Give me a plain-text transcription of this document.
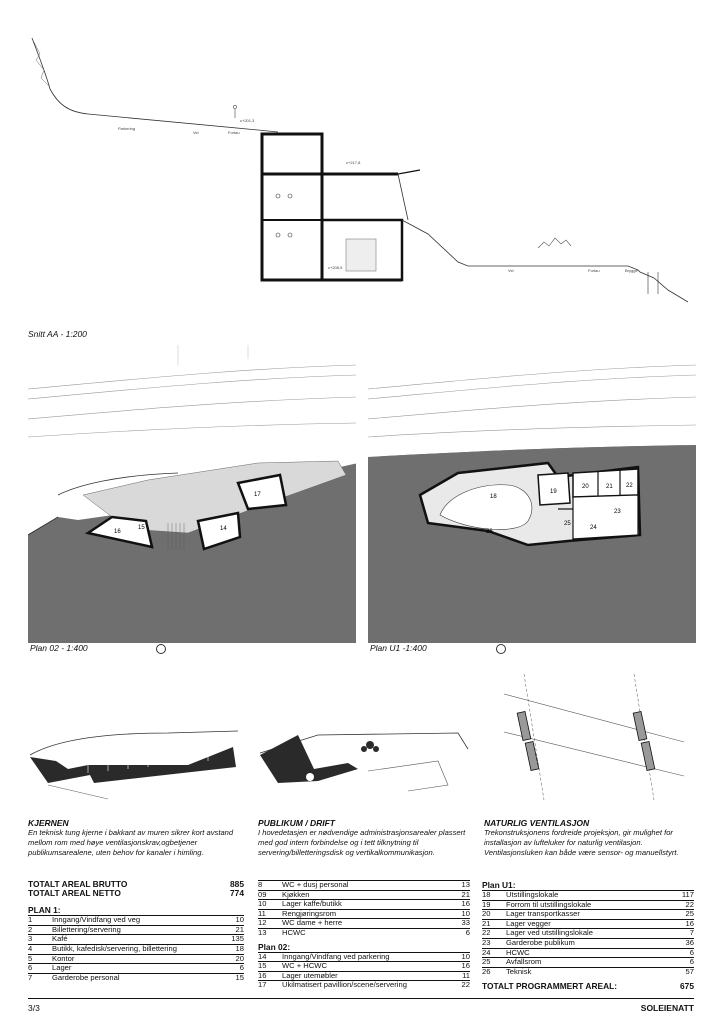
Parkering
Vei	Fortau
c+201,3
c+217,8
c+208,5
Vei	Fortau	Brygge
Snitt AA - 1:200
16
15	14
17
Plan 02 - 1:400
18
19
20	21 22
23
24
25
26
Plan U1 -1:400
KJERNEN
En teknisk tung kjerne i bakkant av muren sikrer kort avstand mellom rom med høye ventilasjonskrav,ogbetjener publikumsarealene, uten behov for kanaler i himling.
PUBLIKUM / DRIFT
I hovedetasjen er nødvendige administrasjonsarealer plassert med god intern forbindelse og i tett tilknytning til servering/billetteringsdisk og vertikalkommunikasjon.
NATURLIG VENTILASJON
Trekonstruksjonens fordreide projeksjon, gir mulighet for installasjon av lufteluker for naturlig ventilasjon. Ventilasjonsluken kan både være sensor- og manuellstyrt.
TOTALT AREAL BRUTTO	885
TOTALT AREAL NETTO	774
PLAN 1:
1	Inngang/Vindfang ved veg	10
2	Billettering/servering	21
3	Kafé	135
4	Butikk, kafedisk/servering, billettering	18
5	Kontor	20
6	Lager	6
7	Garderobe personal	15
8	WC + dusj personal	13
09	Kjøkken	21
10	Lager kaffe/butikk	16
11	Rengjøringsrom	10
12	WC dame + herre	33
13	HCWC	6
Plan 02:
14	Inngang/Vindfang ved parkering	10
15	WC + HCWC	16
16	Lager utemøbler	11
17	Ukilmatisert pavillion/scene/servering	22
Plan U1:
18	Utstillingslokale	117
19	Forrom til utstillingslokale	22
20	Lager transportkasser	25
21	Lager vegger	16
22	Lager ved utstillingslokale	7
23	Garderobe publikum	36
24	HCWC	6
25	Avfallsrom	6
26	Teknisk	57
TOTALT PROGRAMMERT AREAL:	675
3/3	SOLEIENATT
